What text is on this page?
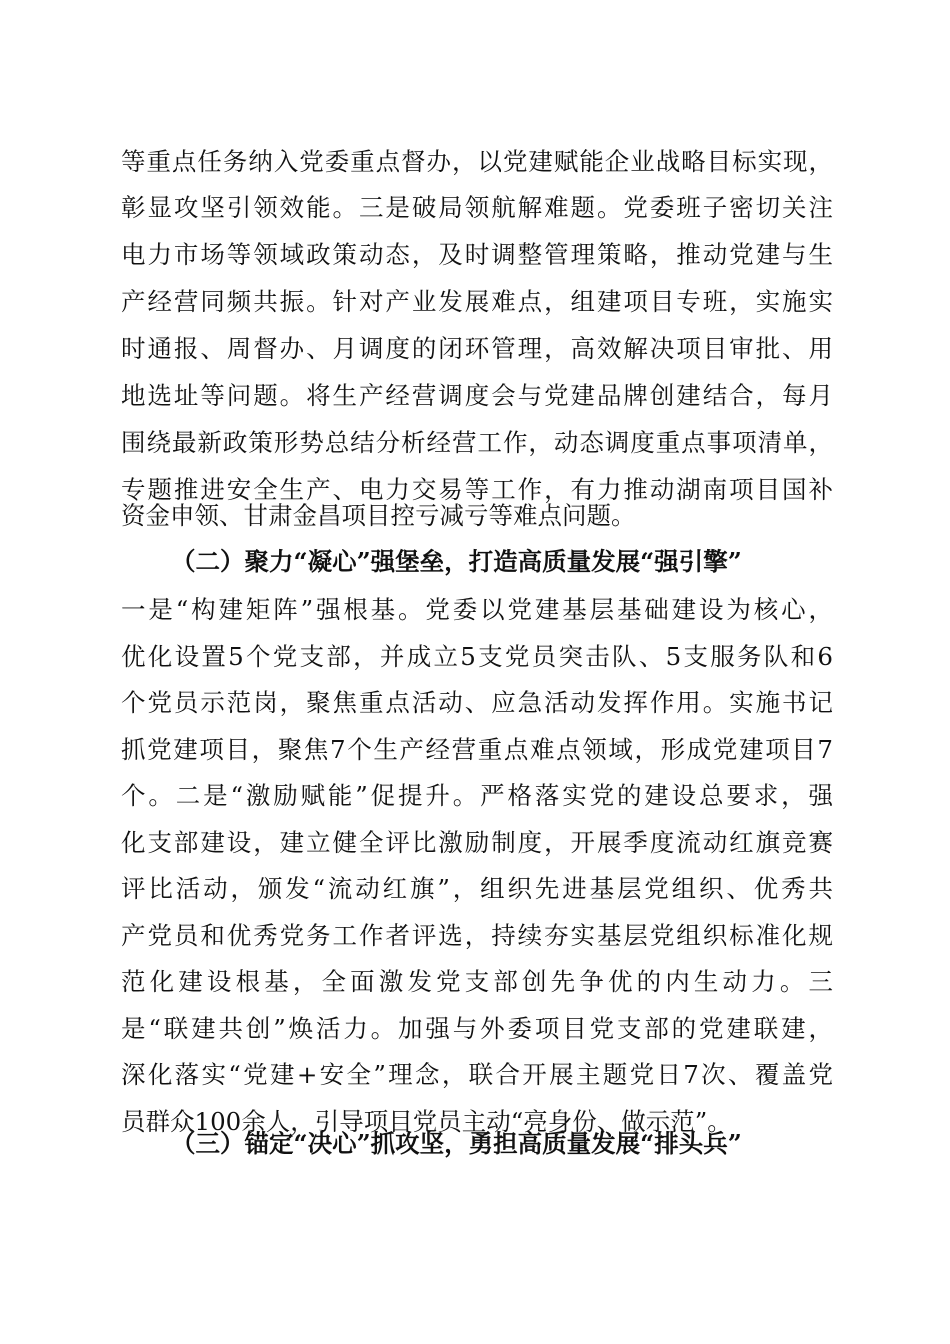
等重点任务纳入党委重点督办，以党建赋能企业战略目标实现，
彰显攻坚引领效能。三是破局领航解难题。党委班子密切关注
电力市场等领域政策动态，及时调整管理策略，推动党建与生
产经营同频共振。针对产业发展难点，组建项目专班，实施实
时通报、周督办、月调度的闭环管理，高效解决项目审批、用
地选址等问题。将生产经营调度会与党建品牌创建结合，每月
围绕最新政策形势总结分析经营工作，动态调度重点事项清单，
专题推进安全生产、电力交易等工作，有力推动湖南项目国补
资金申领、甘肃金昌项目控亏减亏等难点问题。
（二）聚力“凝心”强堡垒，打造高质量发展“强引擎”
一是“构建矩阵”强根基。党委以党建基层基础建设为核心，
优化设置5个党支部，并成立5支党员突击队、5支服务队和6
个党员示范岗，聚焦重点活动、应急活动发挥作用。实施书记
抓党建项目，聚焦7个生产经营重点难点领域，形成党建项目7
个。二是“激励赋能”促提升。严格落实党的建设总要求，强
化支部建设，建立健全评比激励制度，开展季度流动红旗竞赛
评比活动，颁发“流动红旗”，组织先进基层党组织、优秀共
产党员和优秀党务工作者评选，持续夯实基层党组织标准化规
范化建设根基，全面激发党支部创先争优的内生动力。三
是“联建共创”焕活力。加强与外委项目党支部的党建联建，
深化落实“党建+安全”理念，联合开展主题党日7次、覆盖党
员群众100余人，引导项目党员主动“亮身份、做示范”。
（三）锚定“决心”抓攻坚，勇担高质量发展“排头兵”
